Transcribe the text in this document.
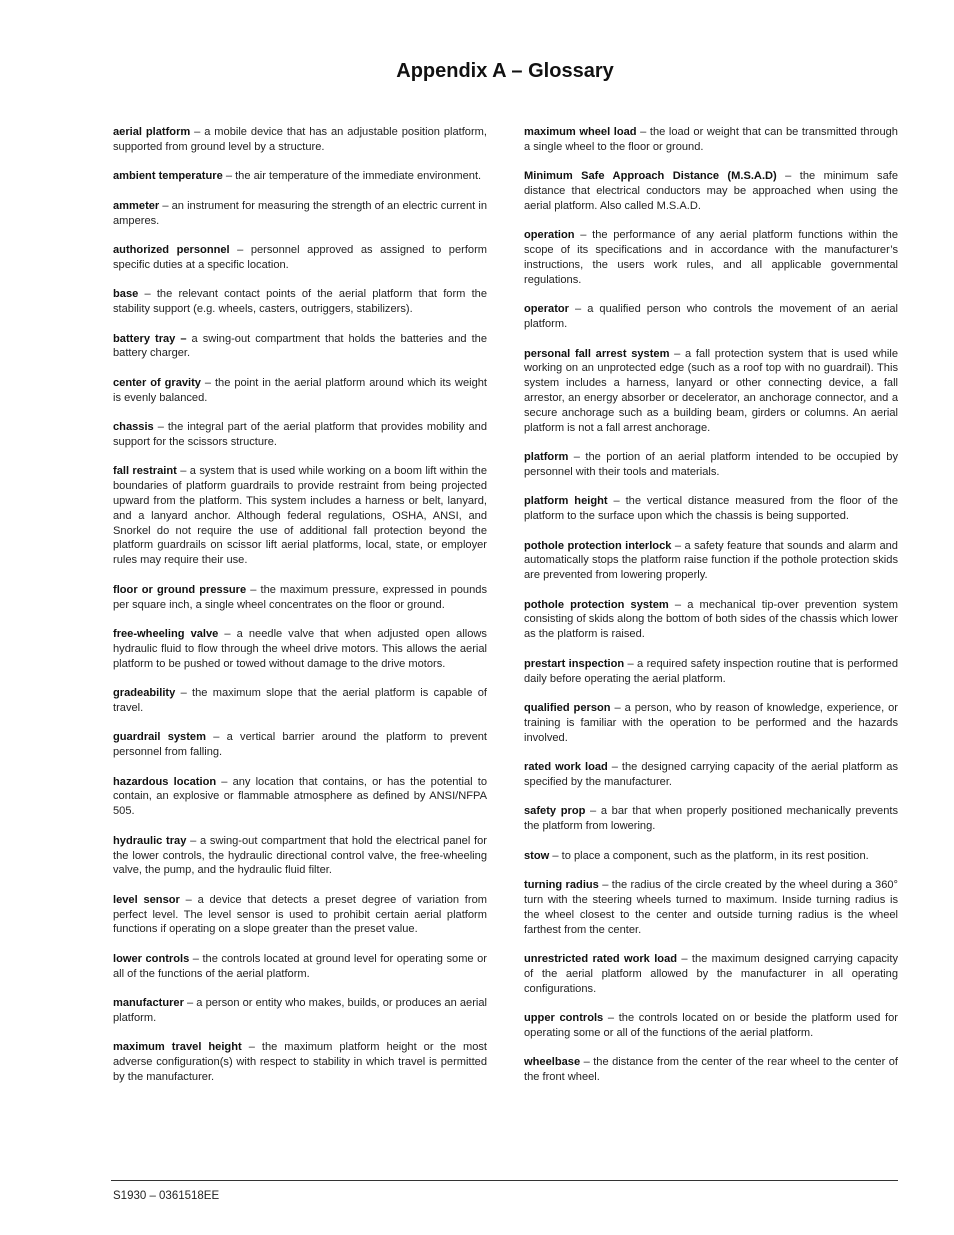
Appendix A – Glossary

aerial platform – a mobile device that has an adjustable position platform, supported from ground level by a structure.

ambient temperature – the air temperature of the immediate environment.

ammeter – an instrument for measuring the strength of an electric current in amperes.

authorized personnel – personnel approved as assigned to perform specific duties at a specific location.

base – the relevant contact points of the aerial platform that form the stability support (e.g. wheels, casters, outriggers, stabilizers).

battery tray – a swing-out compartment that holds the batteries and the battery charger.

center of gravity – the point in the aerial platform around which its weight is evenly balanced.

chassis – the integral part of the aerial platform that provides mobility and support for the scissors structure.

fall restraint – a system that is used while working on a boom lift within the boundaries of platform guardrails to provide restraint from being projected upward from the platform. This system includes a harness or belt, lanyard, and a lanyard anchor. Although federal regulations, OSHA, ANSI, and Snorkel do not require the use of additional fall protection beyond the platform guardrails on scissor lift aerial platforms, local, state, or employer rules may require their use.

floor or ground pressure – the maximum pressure, expressed in pounds per square inch, a single wheel concentrates on the floor or ground.

free-wheeling valve – a needle valve that when adjusted open allows hydraulic fluid to flow through the wheel drive motors. This allows the aerial platform to be pushed or towed without damage to the drive motors.

gradeability – the maximum slope that the aerial platform is capable of travel.

guardrail system – a vertical barrier around the platform to prevent personnel from falling.

hazardous location – any location that contains, or has the potential to contain, an explosive or flammable atmosphere as defined by ANSI/NFPA 505.

hydraulic tray – a swing-out compartment that hold the electrical panel for the lower controls, the hydraulic directional control valve, the free-wheeling valve, the pump, and the hydraulic fluid filter.

level sensor – a device that detects a preset degree of variation from perfect level. The level sensor is used to prohibit certain aerial platform functions if operating on a slope greater than the preset value.

lower controls – the controls located at ground level for operating some or all of the functions of the aerial platform.

manufacturer – a person or entity who makes, builds, or produces an aerial platform.

maximum travel height – the maximum platform height or the most adverse configuration(s) with respect to stability in which travel is permitted by the manufacturer.

maximum wheel load – the load or weight that can be transmitted through a single wheel to the floor or ground.

Minimum Safe Approach Distance (M.S.A.D) – the minimum safe distance that electrical conductors may be approached when using the aerial platform. Also called M.S.A.D.

operation – the performance of any aerial platform functions within the scope of its specifications and in accordance with the manufacturer’s instructions, the users work rules, and all applicable governmental regulations.

operator – a qualified person who controls the movement of an aerial platform.

personal fall arrest system – a fall protection system that is used while working on an unprotected edge (such as a roof top with no guardrail). This system includes a harness, lanyard or other connecting device, a fall arrestor, an energy absorber or decelerator, an anchorage connector, and a secure anchorage such as a building beam, girders or columns. An aerial platform is not a fall arrest anchorage.

platform – the portion of an aerial platform intended to be occupied by personnel with their tools and materials.

platform height – the vertical distance measured from the floor of the platform to the surface upon which the chassis is being supported.

pothole protection interlock – a safety feature that sounds and alarm and automatically stops the platform raise function if the pothole protection skids are prevented from lowering properly.

pothole protection system – a mechanical tip-over prevention system consisting of skids along the bottom of both sides of the chassis which lower as the platform is raised.

prestart inspection – a required safety inspection routine that is performed daily before operating the aerial platform.

qualified person – a person, who by reason of knowledge, experience, or training is familiar with the operation to be performed and the hazards involved.

rated work load – the designed carrying capacity of the aerial platform as specified by the manufacturer.

safety prop – a bar that when properly positioned mechanically prevents the platform from lowering.

stow – to place a component, such as the platform, in its rest position.

turning radius – the radius of the circle created by the wheel during a 360° turn with the steering wheels turned to maximum. Inside turning radius is the wheel closest to the center and outside turning radius is the wheel farthest from the center.

unrestricted rated work load – the maximum designed carrying capacity of the aerial platform allowed by the manufacturer in all operating configurations.

upper controls – the controls located on or beside the platform used for operating some or all of the functions of the aerial platform.

wheelbase – the distance from the center of the rear wheel to the center of the front wheel.

S1930 – 0361518EE
